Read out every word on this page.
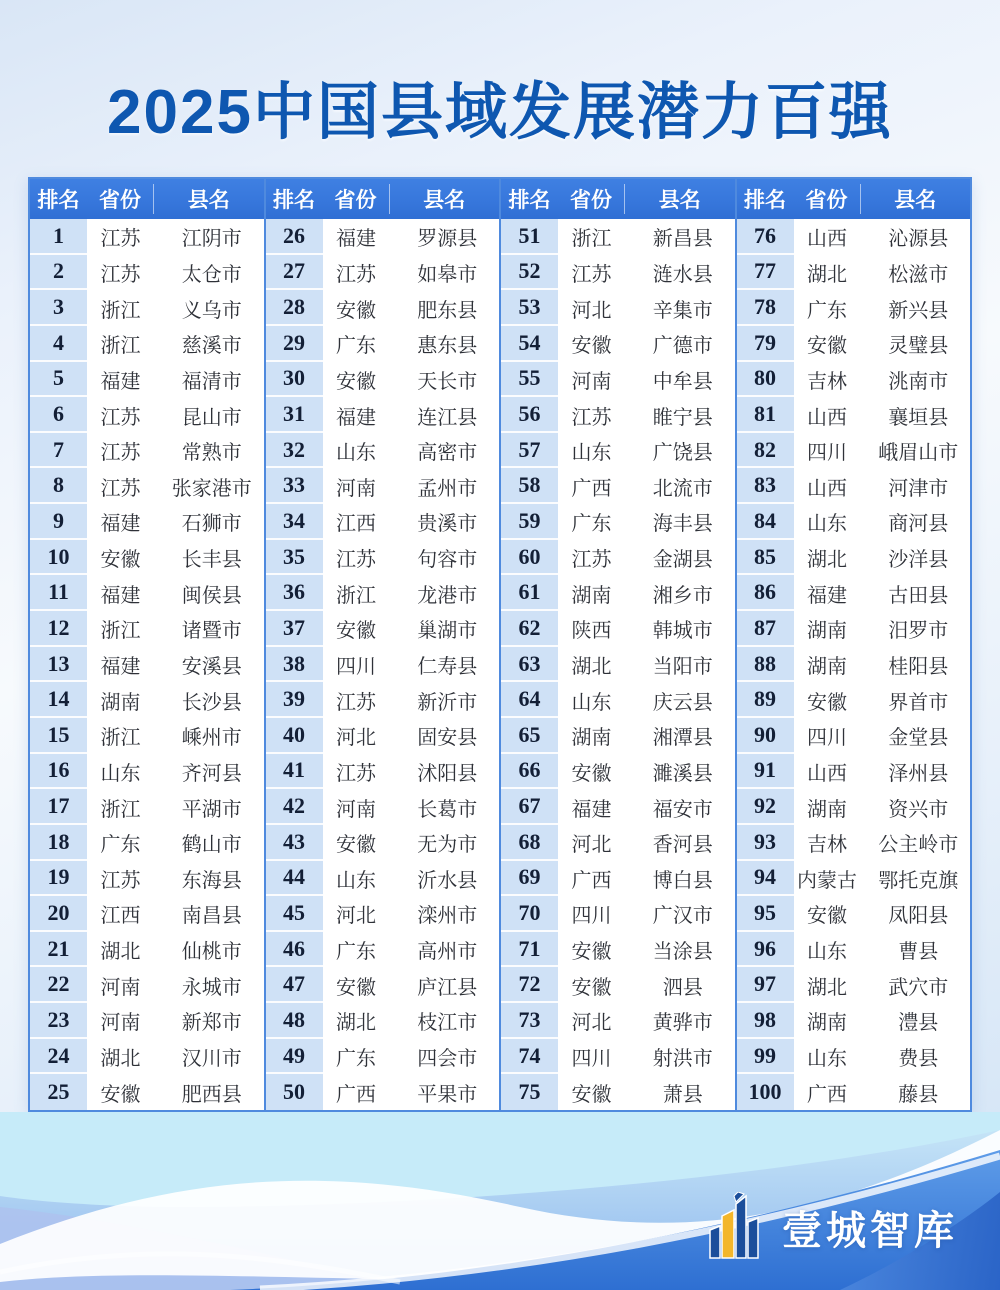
2025中国县域发展潜力百强
排名 省份	县名
1	江苏	江阴市
2	江苏	太仓市
3	浙江	义乌市
4	浙江	慈溪市
5	福建	福清市
6	江苏	昆山市
7	江苏	常熟市
8	江苏	张家港市
9	福建	石狮市
10	安徽	长丰县
11	福建	闽侯县
12	浙江	诸暨市
13	福建	安溪县
14	湖南	长沙县
15	浙江	嵊州市
16	山东	齐河县
17	浙江	平湖市
18	广东	鹤山市
19	江苏	东海县
20	江西	南昌县
21	湖北	仙桃市
22	河南	永城市
23	河南	新郑市
24	湖北	汉川市
25	安徽	肥西县
排名 省份	县名
26	福建	罗源县
27	江苏	如皋市
28	安徽	肥东县
29	广东	惠东县
30	安徽	天长市
31	福建	连江县
32	山东	高密市
33	河南	孟州市
34	江西	贵溪市
35	江苏	句容市
36	浙江	龙港市
37	安徽	巢湖市
38	四川	仁寿县
39	江苏	新沂市
40	河北	固安县
41	江苏	沭阳县
42	河南	长葛市
43	安徽	无为市
44	山东	沂水县
45	河北	滦州市
46	广东	高州市
47	安徽	庐江县
48	湖北	枝江市
49	广东	四会市
50	广西	平果市
排名 省份	县名
51	浙江	新昌县
52	江苏	涟水县
53	河北	辛集市
54	安徽	广德市
55	河南	中牟县
56	江苏	睢宁县
57	山东	广饶县
58	广西	北流市
59	广东	海丰县
60	江苏	金湖县
61	湖南	湘乡市
62	陕西	韩城市
63	湖北	当阳市
64	山东	庆云县
65	湖南	湘潭县
66	安徽	濉溪县
67	福建	福安市
68	河北	香河县
69	广西	博白县
70	四川	广汉市
71	安徽	当涂县
72	安徽	泗县
73	河北	黄骅市
74	四川	射洪市
75	安徽	萧县
排名 省份	县名
76	山西	沁源县
77	湖北	松滋市
78	广东	新兴县
79	安徽	灵璧县
80	吉林	洮南市
81	山西	襄垣县
82	四川	峨眉山市
83	山西	河津市
84	山东	商河县
85	湖北	沙洋县
86	福建	古田县
87	湖南	汨罗市
88	湖南	桂阳县
89	安徽	界首市
90	四川	金堂县
91	山西	泽州县
92	湖南	资兴市
93	吉林	公主岭市
94	内蒙古	鄂托克旗
95	安徽	凤阳县
96	山东	曹县
97	湖北	武穴市
98	湖南	澧县
99	山东	费县
100	广西	藤县
壹城智库
